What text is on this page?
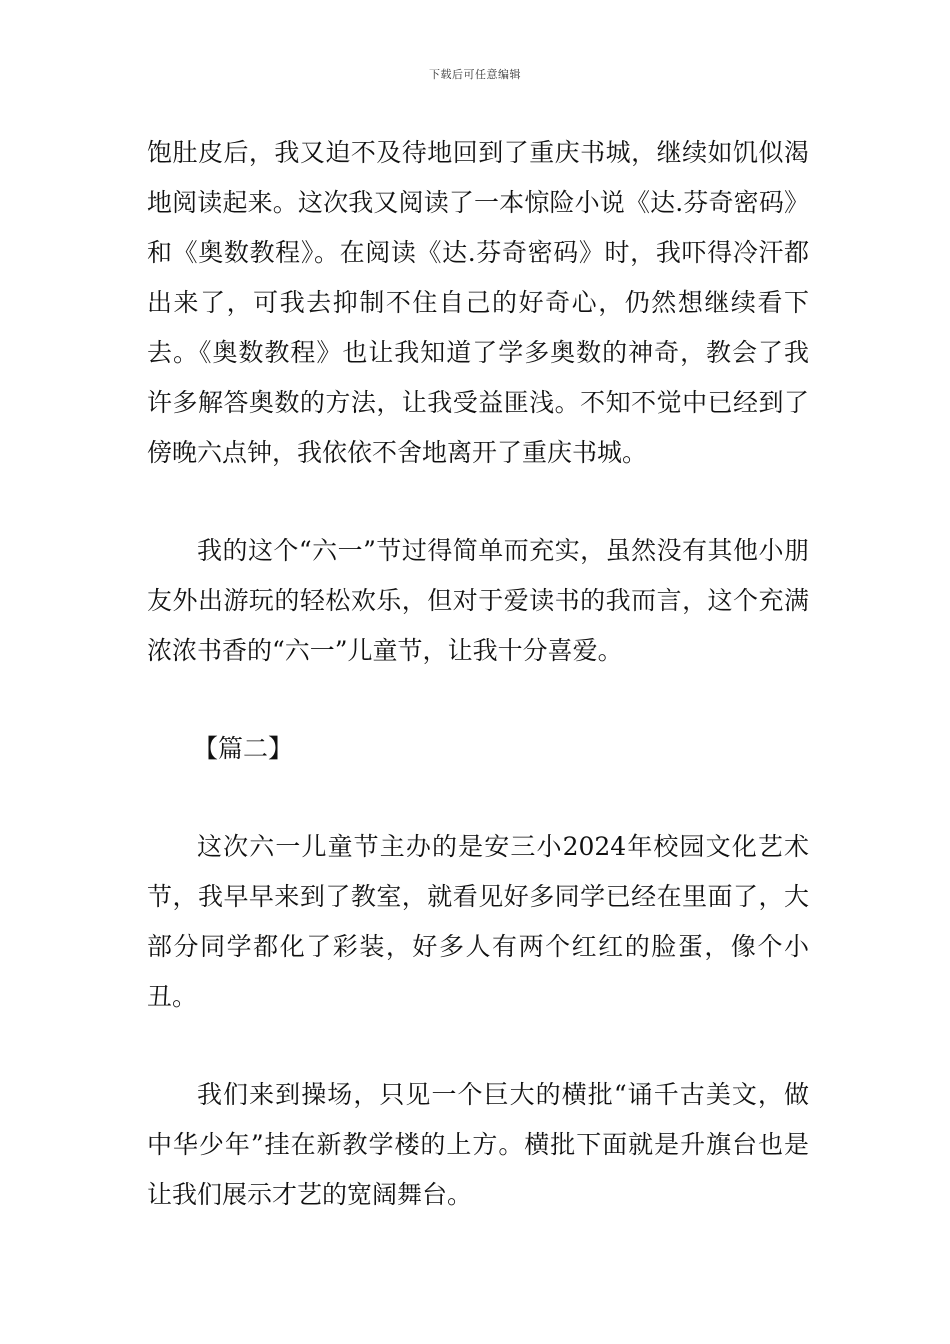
下载后可任意编辑

饱肚皮后，我又迫不及待地回到了重庆书城，继续如饥似渴地阅读起来。这次我又阅读了一本惊险小说《达.芬奇密码》和《奥数教程》。在阅读《达.芬奇密码》时，我吓得冷汗都出来了，可我去抑制不住自己的好奇心，仍然想继续看下去。《奥数教程》也让我知道了学多奥数的神奇，教会了我许多解答奥数的方法，让我受益匪浅。不知不觉中已经到了傍晚六点钟，我依依不舍地离开了重庆书城。

我的这个“六一”节过得简单而充实，虽然没有其他小朋友外出游玩的轻松欢乐，但对于爱读书的我而言，这个充满浓浓书香的“六一”儿童节，让我十分喜爱。

【篇二】

这次六一儿童节主办的是安三小2024年校园文化艺术节，我早早来到了教室，就看见好多同学已经在里面了，大部分同学都化了彩装，好多人有两个红红的脸蛋，像个小丑。

我们来到操场，只见一个巨大的横批“诵千古美文，做中华少年”挂在新教学楼的上方。横批下面就是升旗台也是让我们展示才艺的宽阔舞台。
